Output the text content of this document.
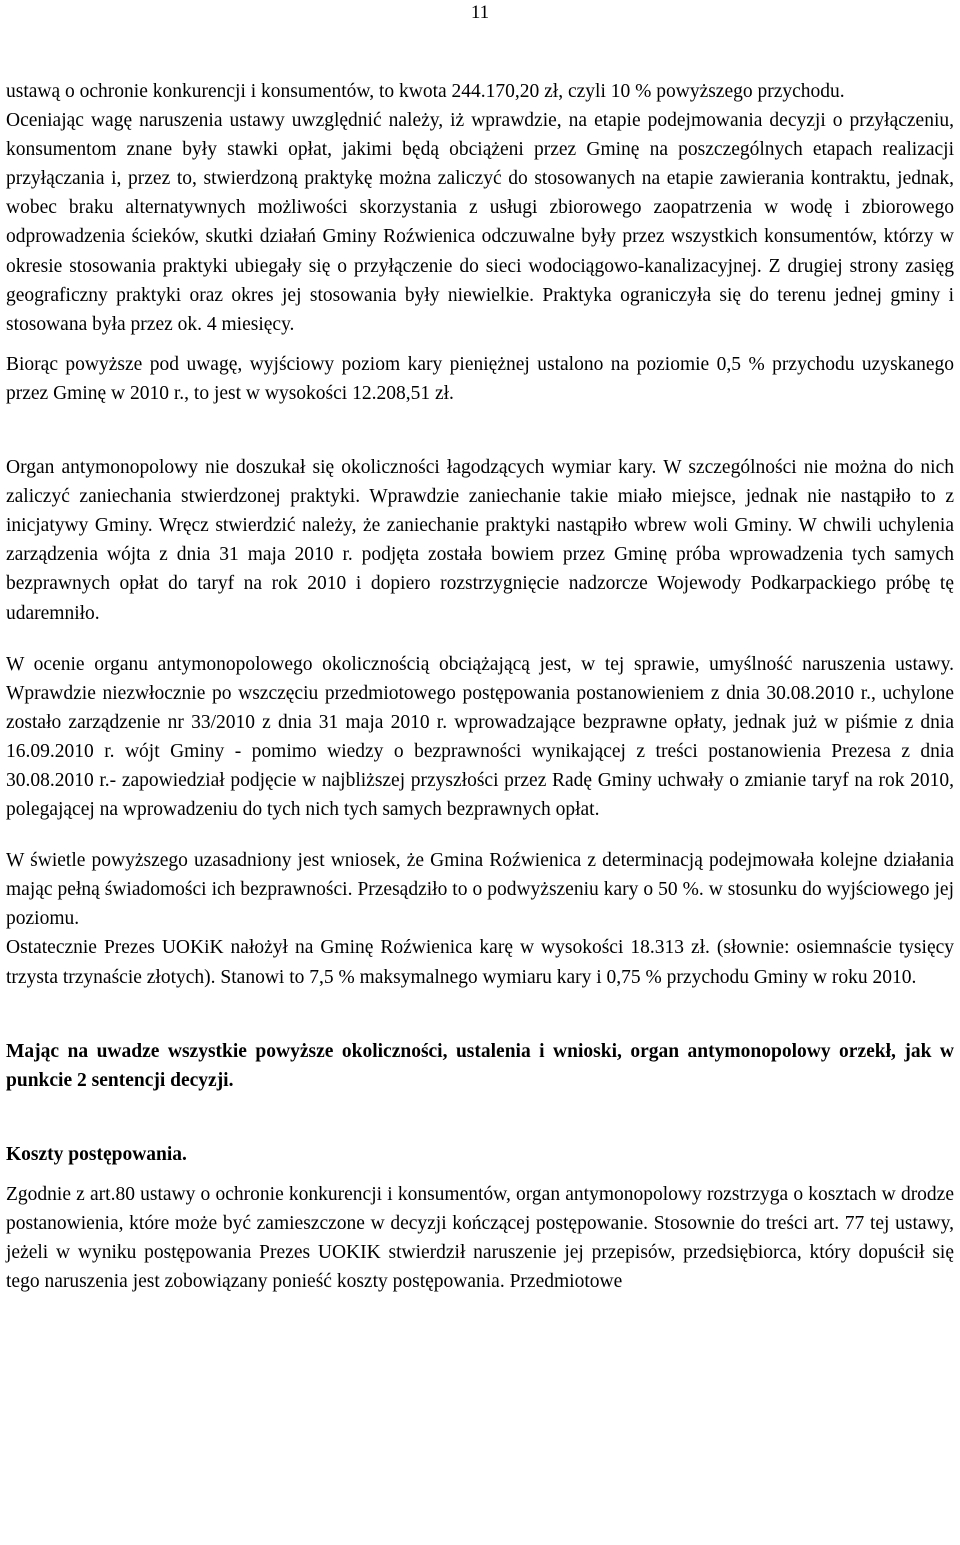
11

ustawą o ochronie konkurencji i konsumentów, to kwota 244.170,20 zł, czyli 10 % powyższego przychodu.

Oceniając wagę naruszenia ustawy uwzględnić należy, iż wprawdzie, na etapie podejmowania decyzji o przyłączeniu, konsumentom znane były stawki opłat, jakimi będą obciążeni przez Gminę na poszczególnych etapach realizacji przyłączania i, przez to, stwierdzoną praktykę można zaliczyć do stosowanych na etapie zawierania kontraktu, jednak, wobec braku alternatywnych możliwości skorzystania z usługi zbiorowego zaopatrzenia w wodę i zbiorowego odprowadzenia ścieków, skutki działań Gminy Roźwienica odczuwalne były przez wszystkich konsumentów, którzy w okresie stosowania praktyki ubiegały się o przyłączenie do sieci wodociągowo-kanalizacyjnej. Z drugiej strony zasięg geograficzny praktyki oraz okres jej stosowania były niewielkie. Praktyka ograniczyła się do terenu jednej gminy i stosowana była przez ok. 4 miesięcy.

Biorąc powyższe pod uwagę, wyjściowy poziom kary pieniężnej ustalono na poziomie 0,5 % przychodu uzyskanego przez Gminę w 2010 r., to jest w wysokości 12.208,51 zł.

Organ antymonopolowy nie doszukał się okoliczności łagodzących wymiar kary. W szczególności nie można do nich zaliczyć zaniechania stwierdzonej praktyki. Wprawdzie zaniechanie takie miało miejsce, jednak nie nastąpiło to z inicjatywy Gminy. Wręcz stwierdzić należy, że zaniechanie praktyki nastąpiło wbrew woli Gminy. W chwili uchylenia zarządzenia wójta z dnia 31 maja 2010 r. podjęta została bowiem przez Gminę próba wprowadzenia tych samych bezprawnych opłat do taryf na rok 2010 i dopiero rozstrzygnięcie nadzorcze Wojewody Podkarpackiego próbę tę udaremniło.

W ocenie organu antymonopolowego okolicznością obciążającą jest, w tej sprawie, umyślność naruszenia ustawy. Wprawdzie niezwłocznie po wszczęciu przedmiotowego postępowania postanowieniem z dnia 30.08.2010 r., uchylone zostało zarządzenie nr 33/2010 z dnia 31 maja 2010 r. wprowadzające bezprawne opłaty, jednak już w piśmie z dnia 16.09.2010 r. wójt Gminy - pomimo wiedzy o bezprawności wynikającej z treści postanowienia Prezesa z dnia 30.08.2010 r.- zapowiedział podjęcie w najbliższej przyszłości przez Radę Gminy uchwały o zmianie taryf na rok 2010, polegającej na wprowadzeniu do tych nich tych samych bezprawnych opłat.

W świetle powyższego uzasadniony jest wniosek, że Gmina Roźwienica z determinacją podejmowała kolejne działania mając pełną świadomości ich bezprawności. Przesądziło to o podwyższeniu kary o 50 %. w stosunku do wyjściowego jej poziomu.

Ostatecznie Prezes UOKiK nałożył na Gminę Roźwienica karę w wysokości 18.313 zł. (słownie: osiemnaście tysięcy trzysta trzynaście złotych). Stanowi to 7,5 % maksymalnego wymiaru kary i 0,75 % przychodu Gminy w roku 2010.

Mając na uwadze wszystkie powyższe okoliczności, ustalenia i wnioski, organ antymonopolowy orzekł, jak w punkcie 2 sentencji decyzji.

Koszty postępowania.

Zgodnie z art.80 ustawy o ochronie konkurencji i konsumentów, organ antymonopolowy rozstrzyga o kosztach w drodze postanowienia, które może być zamieszczone w decyzji kończącej postępowanie. Stosownie do treści art. 77 tej ustawy, jeżeli w wyniku postępowania Prezes UOKIK stwierdził naruszenie jej przepisów, przedsiębiorca, który dopuścił się tego naruszenia jest zobowiązany ponieść koszty postępowania. Przedmiotowe
